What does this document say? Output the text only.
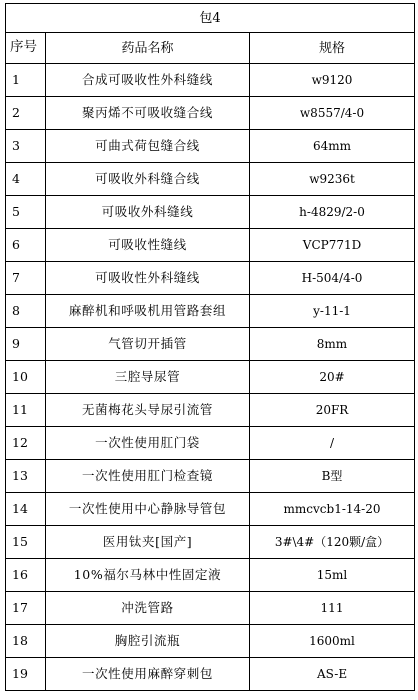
包4		
序号	药品名称	规格
1	合成可吸收性外科缝线	w9120
2	聚丙烯不可吸收缝合线	w8557/4-0
3	可曲式荷包缝合线	64mm
4	可吸收外科缝合线	w9236t
5	可吸收外科缝线	h-4829/2-0
6	可吸收性缝线	VCP771D
7	可吸收性外科缝线	H-504/4-0
8	麻醉机和呼吸机用管路套组	y-11-1
9	气管切开插管	8mm
10	三腔导尿管	20#
11	无菌梅花头导尿引流管	20FR
12	一次性使用肛门袋	/
13	一次性使用肛门检查镜	B型
14	一次性使用中心静脉导管包	mmcvcb1-14-20
15	医用钛夹[国产]	3#\4#（120颗/盒）
16	10%福尔马林中性固定液	15ml
17	冲洗管路	111
18	胸腔引流瓶	1600ml
19	一次性使用麻醉穿刺包	AS-E
